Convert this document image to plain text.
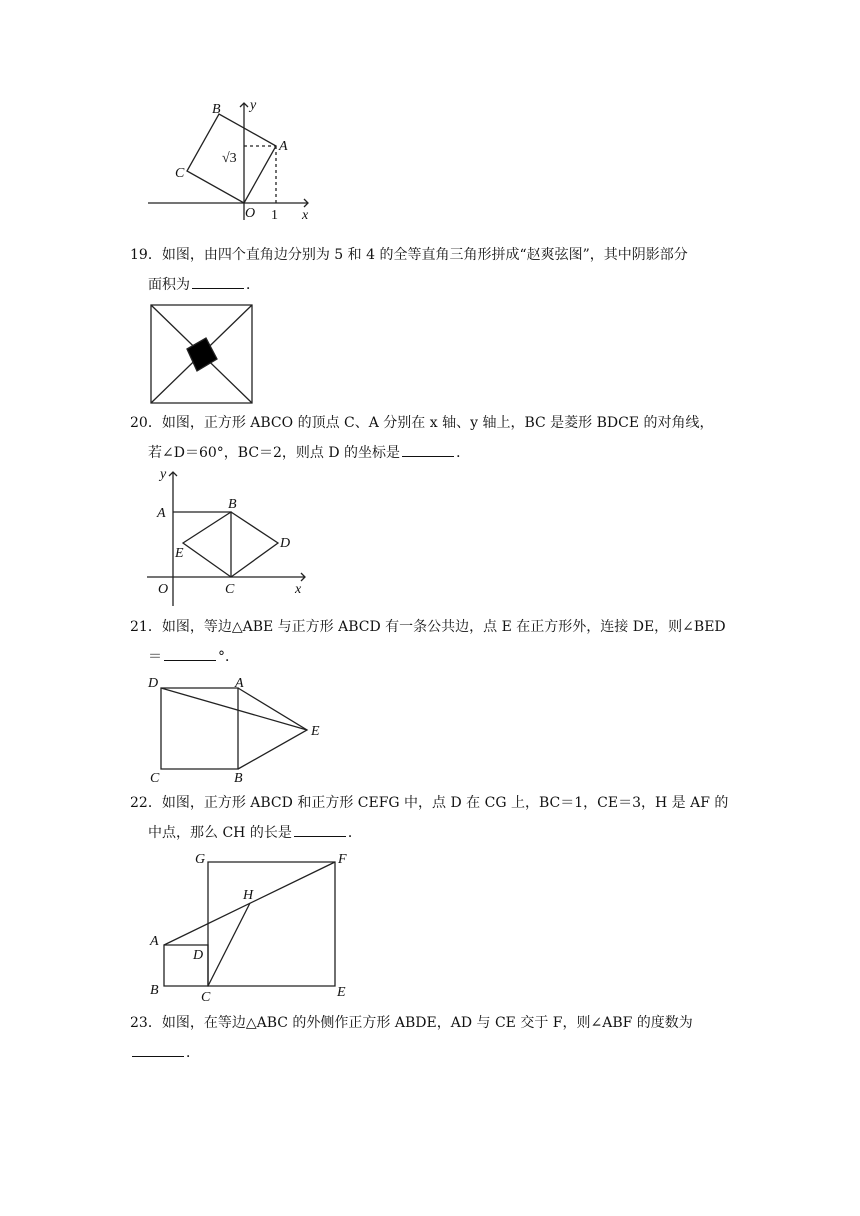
B
C
A
O
y
x
√3
1
19．如图，由四个直角边分别为 5 和 4 的全等直角三角形拼成“赵爽弦图”，其中阴影部分
面积为	．
20．如图，正方形 ABCO 的顶点 C、A 分别在 x 轴、y 轴上，BC 是菱形 BDCE 的对角线，
若∠D＝60°，BC＝2，则点 D 的坐标是	．
y
A
B
D
E
O	C	x
21．如图，等边△ABE 与正方形 ABCD 有一条公共边，点 E 在正方形外，连接 DE，则∠BED
＝	°．
D	A
E
C	B
22．如图，正方形 ABCD 和正方形 CEFG 中，点 D 在 CG 上，BC＝1，CE＝3，H 是 AF 的
中点，那么 CH 的长是	．
G	F
H
A
D
B	C	E
23．如图，在等边△ABC 的外侧作正方形 ABDE，AD 与 CE 交于 F，则∠ABF 的度数为．
